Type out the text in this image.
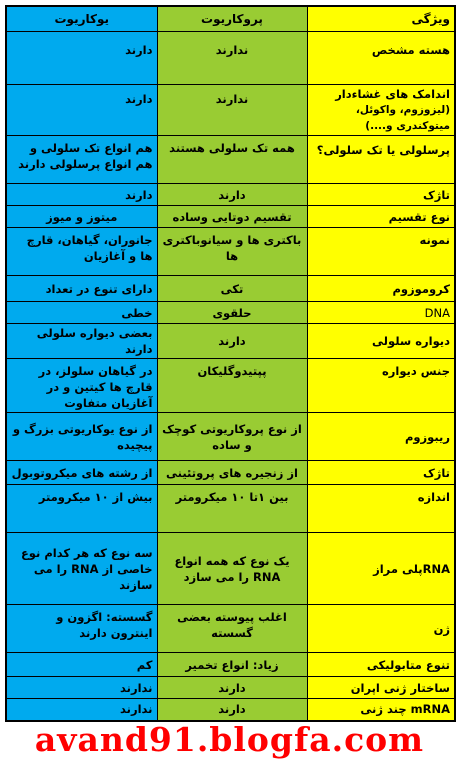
ویژگی	پروکاریوت	یوکاریوت
هسته مشخص	ندارند	دارند
اندامک های غشاءدار
(لیزوزوم، واکوئل، میتوکندری و....)	ندارند	دارند
پرسلولی یا تک سلولی؟	همه تک سلولی هستند	هم انواع تک سلولی و هم انواع پرسلولی دارند
تاژک	دارند	دارند
نوع تقسیم	تقسیم دوتایی وساده	میتوز و میوز
نمونه	باکتری ها و سیانوباکتری ها	جانوران، گیاهان، قارچ ها و آغازیان
کروموزوم	تکی	دارای تنوع در تعداد
DNA	حلقوی	خطی
دیواره سلولی	دارند	بعضی دیواره سلولی دارند
جنس دیواره	پپتیدوگلیکان	در گیاهان سلولز، در قارچ ها کیتین و در آغازیان متفاوت
ریبوزوم	از نوع پروکاریوتی کوچک و ساده	از نوع یوکاریوتی بزرگ و پیچیده
تاژک	از زنجیره های پروتئینی	از رشته های میکروتوبول
اندازه	بین ۱تا ۱۰ میکرومتر	بیش از ۱۰ میکرومتر
RNAپلی مراز	یک نوع که همه انواع RNA را می سازد	سه نوع که هر کدام نوع خاصی از RNA را می سازند
ژن	اغلب پیوسته بعضی گسسته	گسسته: اگزون و اینترون دارند
تنوع متابولیکی	زیاد: انواع تخمیر	کم
ساختار ژنی اپران	دارند	ندارند
mRNA چند ژنی	دارند	ندارند
avand91.blogfa.com
